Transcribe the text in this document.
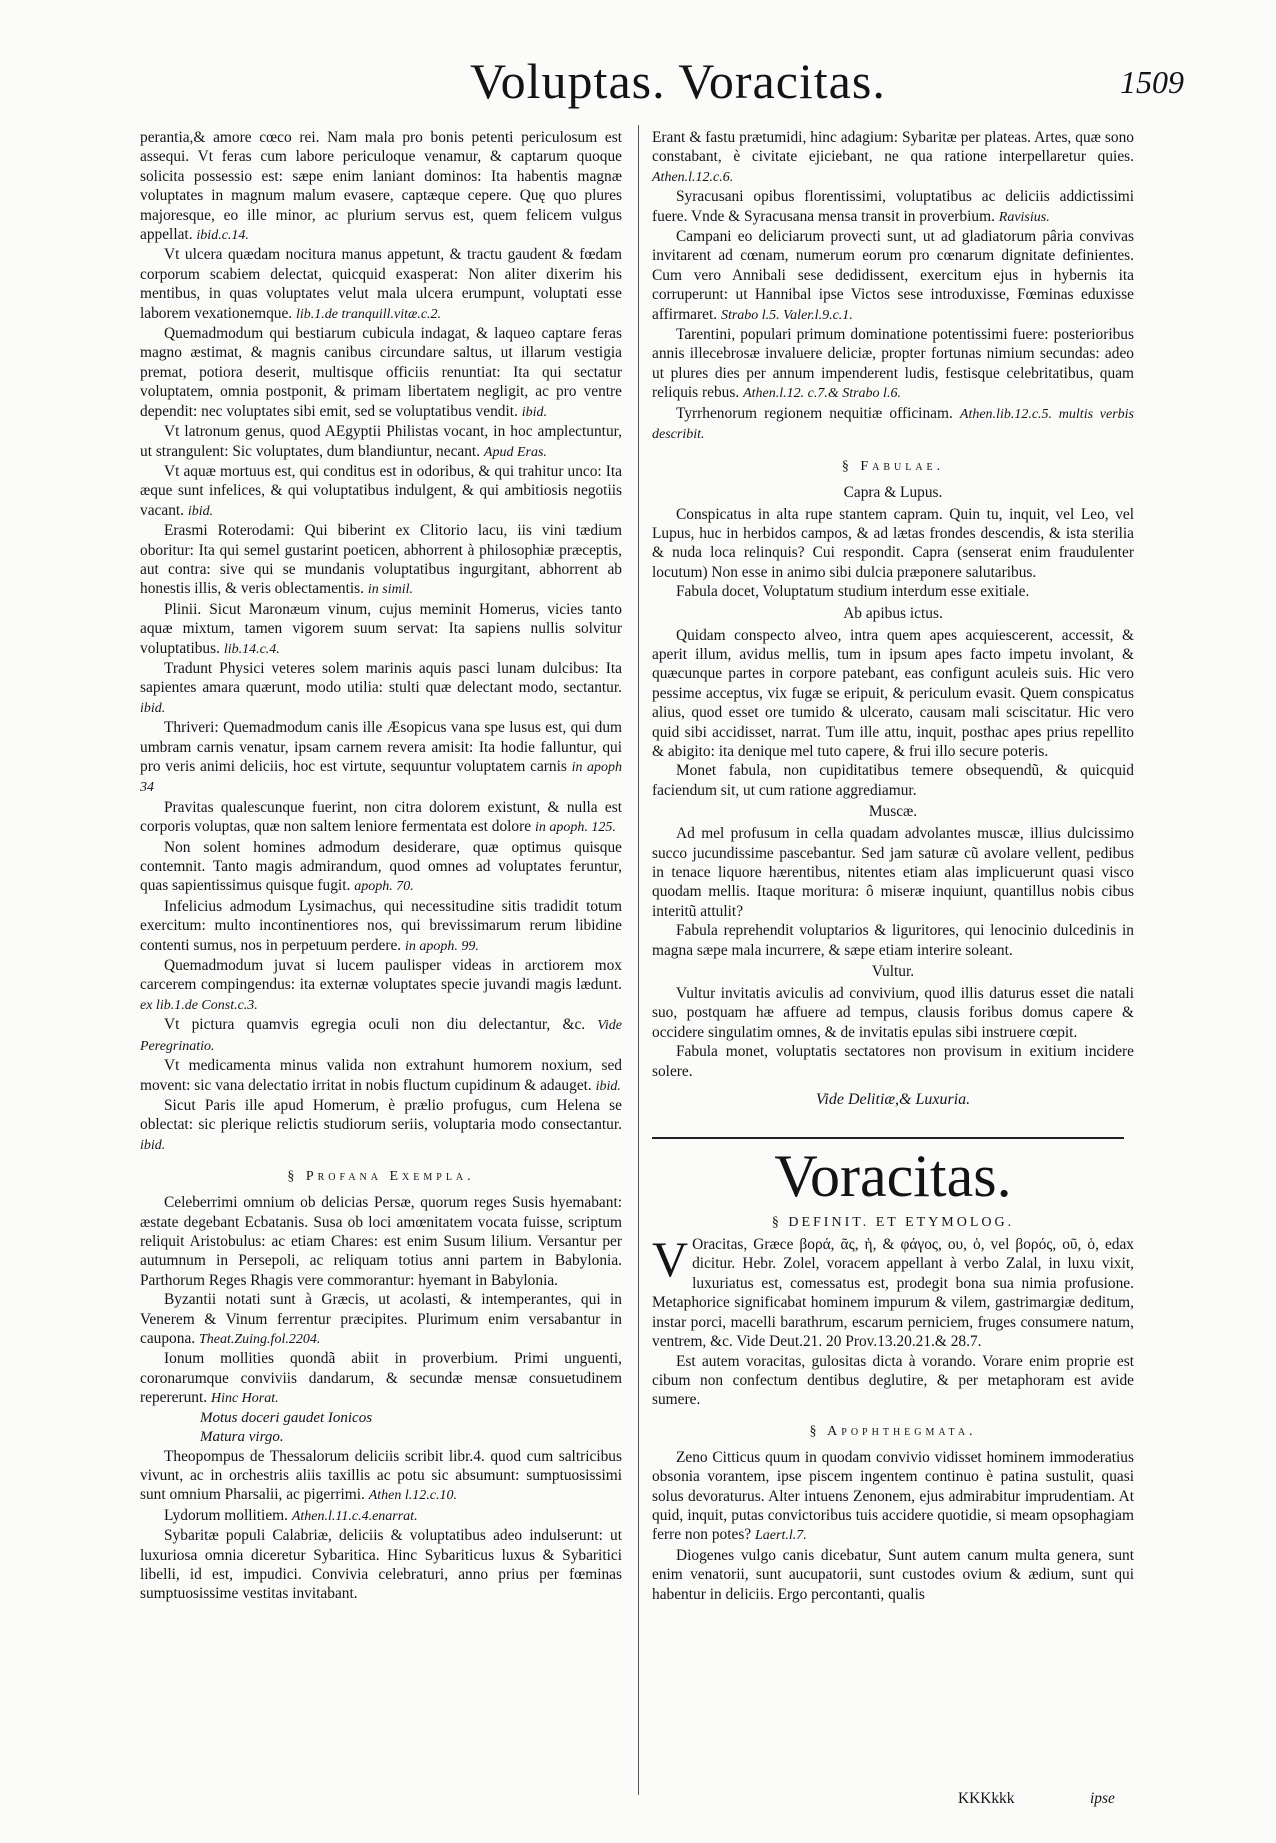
Voluptas. Voracitas.	1509

perantia,& amore cœco rei. Nam mala pro bonis petenti periculosum est assequi. Vt feras cum labore periculoque venamur, & captarum quoque solicita possessio est: sæpe enim laniant dominos: Ita habentis magnæ voluptates in magnum malum evasere, captæque cepere. Quę quo plures majoresque, eo ille minor, ac plurium servus est, quem felicem vulgus appellat. ibid.c.14.

Vt ulcera quædam nocitura manus appetunt, & tractu gaudent & fœdam corporum scabiem delectat, quicquid exasperat: Non aliter dixerim his mentibus, in quas voluptates velut mala ulcera erumpunt, voluptati esse laborem vexationemque. lib.1.de tranquill.vitæ.c.2.

Quemadmodum qui bestiarum cubicula indagat, & laqueo captare feras magno æstimat, & magnis canibus circundare saltus, ut illarum vestigia premat, potiora deserit, multisque officiis renuntiat: Ita qui sectatur voluptatem, omnia postponit, & primam libertatem negligit, ac pro ventre dependit: nec voluptates sibi emit, sed se voluptatibus vendit. ibid.

Vt latronum genus, quod AEgyptii Philistas vocant, in hoc amplectuntur, ut strangulent: Sic voluptates, dum blandiuntur, necant. Apud Eras.

Vt aquæ mortuus est, qui conditus est in odoribus, & qui trahitur unco: Ita æque sunt infelices, & qui voluptatibus indulgent, & qui ambitiosis negotiis vacant. ibid.

Erasmi Roterodami: Qui biberint ex Clitorio lacu, iis vini tædium oboritur: Ita qui semel gustarint poeticen, abhorrent à philosophiæ præceptis, aut contra: sive qui se mundanis voluptatibus ingurgitant, abhorrent ab honestis illis, & veris oblectamentis. in simil.

Plinii. Sicut Maronæum vinum, cujus meminit Homerus, vicies tanto aquæ mixtum, tamen vigorem suum servat: Ita sapiens nullis solvitur voluptatibus. lib.14.c.4.

Tradunt Physici veteres solem marinis aquis pasci lunam dulcibus: Ita sapientes amara quærunt, modo utilia: stulti quæ delectant modo, sectantur. ibid.

Thriveri: Quemadmodum canis ille Æsopicus vana spe lusus est, qui dum umbram carnis venatur, ipsam carnem revera amisit: Ita hodie falluntur, qui pro veris animi deliciis, hoc est virtute, sequuntur voluptatem carnis in apoph 34

Pravitas qualescunque fuerint, non citra dolorem existunt, & nulla est corporis voluptas, quæ non saltem leniore fermentata est dolore in apoph. 125.

Non solent homines admodum desiderare, quæ optimus quisque contemnit. Tanto magis admirandum, quod omnes ad voluptates feruntur, quas sapientissimus quisque fugit. apoph. 70.

Infelicius admodum Lysimachus, qui necessitudine sitis tradidit totum exercitum: multo incontinentiores nos, qui brevissimarum rerum libidine contenti sumus, nos in perpetuum perdere. in apoph. 99.

Quemadmodum juvat si lucem paulisper videas in arctiorem mox carcerem compingendus: ita externæ voluptates specie juvandi magis lædunt. ex lib.1.de Const.c.3.

Vt pictura quamvis egregia oculi non diu delectantur, &c. Vide Peregrinatio.

Vt medicamenta minus valida non extrahunt humorem noxium, sed movent: sic vana delectatio irritat in nobis fluctum cupidinum & adauget. ibid.

Sicut Paris ille apud Homerum, è prælio profugus, cum Helena se oblectat: sic plerique relictis studiorum seriis, voluptaria modo consectantur. ibid.

§ Profana Exempla.

Celeberrimi omnium ob delicias Persæ, quorum reges Susis hyemabant: æstate degebant Ecbatanis. Susa ob loci amœnitatem vocata fuisse, scriptum reliquit Aristobulus: ac etiam Chares: est enim Susum lilium. Versantur per autumnum in Persepoli, ac reliquam totius anni partem in Babylonia. Parthorum Reges Rhagis vere commorantur: hyemant in Babylonia.

Byzantii notati sunt à Græcis, ut acolasti, & intemperantes, qui in Venerem & Vinum ferrentur præcipites. Plurimum enim versabantur in caupona. Theat.Zuing.fol.2204.

Ionum mollities quondã abiit in proverbium. Primi unguenti, coronarumque conviviis dandarum, & secundæ mensæ consuetudinem repererunt. Hinc Horat.

Motus doceri gaudet Ionicos

Matura virgo.

Theopompus de Thessalorum deliciis scribit libr.4. quod cum saltricibus vivunt, ac in orchestris aliis taxillis ac potu sic absumunt: sumptuosissimi sunt omnium Pharsalii, ac pigerrimi. Athen l.12.c.10.

Lydorum mollitiem. Athen.l.11.c.4.enarrat.

Sybaritæ populi Calabriæ, deliciis & voluptatibus adeo indulserunt: ut luxuriosa omnia diceretur Sybaritica. Hinc Sybariticus luxus & Sybaritici libelli, id est, impudici. Convivia celebraturi, anno prius per fœminas sumptuosissime vestitas invitabant.

Erant & fastu prætumidi, hinc adagium: Sybaritæ per plateas. Artes, quæ sono constabant, è civitate ejiciebant, ne qua ratione interpellaretur quies. Athen.l.12.c.6.

Syracusani opibus florentissimi, voluptatibus ac deliciis addictissimi fuere. Vnde & Syracusana mensa transit in proverbium. Ravisius.

Campani eo deliciarum provecti sunt, ut ad gladiatorum pâria convivas invitarent ad cœnam, numerum eorum pro cœnarum dignitate definientes. Cum vero Annibali sese dedidissent, exercitum ejus in hybernis ita corruperunt: ut Hannibal ipse Victos sese introduxisse, Fœminas eduxisse affirmaret. Strabo l.5. Valer.l.9.c.1.

Tarentini, populari primum dominatione potentissimi fuere: posterioribus annis illecebrosæ invaluere deliciæ, propter fortunas nimium secundas: adeo ut plures dies per annum impenderent ludis, festisque celebritatibus, quam reliquis rebus. Athen.l.12. c.7.& Strabo l.6.

Tyrrhenorum regionem nequitiæ officinam. Athen.lib.12.c.5. multis verbis describit.

§ Fabulae.
Capra & Lupus.

Conspicatus in alta rupe stantem capram. Quin tu, inquit, vel Leo, vel Lupus, huc in herbidos campos, & ad lætas frondes descendis, & ista sterilia & nuda loca relinquis? Cui respondit. Capra (senserat enim fraudulenter locutum) Non esse in animo sibi dulcia præponere salutaribus.

Fabula docet, Voluptatum studium interdum esse exitiale.

Ab apibus ictus.

Quidam conspecto alveo, intra quem apes acquiescerent, accessit, & aperit illum, avidus mellis, tum in ipsum apes facto impetu involant, & quæcunque partes in corpore patebant, eas configunt aculeis suis. Hic vero pessime acceptus, vix fugæ se eripuit, & periculum evasit. Quem conspicatus alius, quod esset ore tumido & ulcerato, causam mali sciscitatur. Hic vero quid sibi accidisset, narrat. Tum ille attu, inquit, posthac apes prius repellito & abigito: ita denique mel tuto capere, & frui illo secure poteris.

Monet fabula, non cupiditatibus temere obsequendũ, & quicquid faciendum sit, ut cum ratione aggrediamur.

Muscæ.

Ad mel profusum in cella quadam advolantes muscæ, illius dulcissimo succo jucundissime pascebantur. Sed jam saturæ cũ avolare vellent, pedibus in tenace liquore hærentibus, nitentes etiam alas implicuerunt quasi visco quodam mellis. Itaque moritura: ô miseræ inquiunt, quantillus nobis cibus interitũ attulit?

Fabula reprehendit voluptarios & liguritores, qui lenocinio dulcedinis in magna sæpe mala incurrere, & sæpe etiam interire soleant.

Vultur.

Vultur invitatis aviculis ad convivium, quod illis daturus esset die natali suo, postquam hæ affuere ad tempus, clausis foribus domus capere & occidere singulatim omnes, & de invitatis epulas sibi instruere cœpit.

Fabula monet, voluptatis sectatores non provisum in exitium incidere solere.

Vide Delitiæ,& Luxuria.
Voracitas.
§ DEFINIT. ET ETYMOLOG.

V Oracitas, Græce βορά, ᾶς, ἡ, & φάγος, ου, ὁ, vel βορός, οῦ, ὁ, edax dicitur. Hebr. Zolel, voracem appellant à verbo Zalal, in luxu vixit, luxuriatus est, comessatus est, prodegit bona sua nimia profusione. Metaphorice significabat hominem impurum & vilem, gastrimargiæ deditum, instar porci, macelli barathrum, escarum perniciem, fruges consumere natum, ventrem, &c. Vide Deut.21. 20 Prov.13.20.21.& 28.7.

Est autem voracitas, gulositas dicta à vorando. Vorare enim proprie est cibum non confectum dentibus deglutire, & per metaphoram est avide sumere.

§ Apophthegmata.

Zeno Citticus quum in quodam convivio vidisset hominem immoderatius obsonia vorantem, ipse piscem ingentem continuo è patina sustulit, quasi solus devoraturus. Alter intuens Zenonem, ejus admirabitur imprudentiam. At quid, inquit, putas convictoribus tuis accidere quotidie, si meam opsophagiam ferre non potes? Laert.l.7.

Diogenes vulgo canis dicebatur, Sunt autem canum multa genera, sunt enim venatorii, sunt aucupatorii, sunt custodes ovium & ædium, sunt qui habentur in deliciis. Ergo percontanti, qualis

KKKkkk	ipse
